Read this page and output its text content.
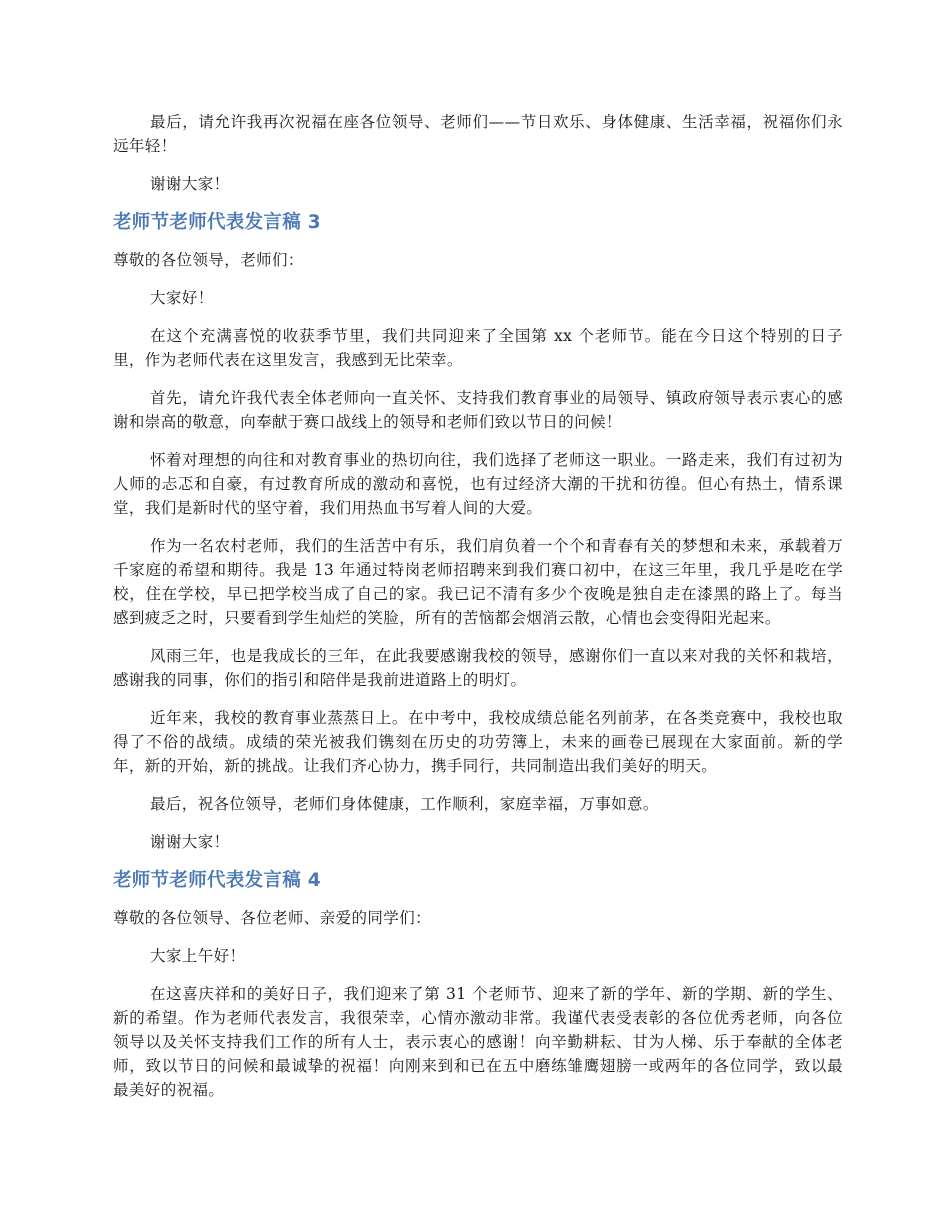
最后，请允许我再次祝福在座各位领导、老师们——节日欢乐、身体健康、生活幸福，祝福你们永远年轻！

谢谢大家！

老师节老师代表发言稿 3

尊敬的各位领导，老师们：

大家好！

在这个充满喜悦的收获季节里，我们共同迎来了全国第 xx 个老师节。能在今日这个特别的日子里，作为老师代表在这里发言，我感到无比荣幸。

首先，请允许我代表全体老师向一直关怀、支持我们教育事业的局领导、镇政府领导表示衷心的感谢和崇高的敬意，向奉献于赛口战线上的领导和老师们致以节日的问候！

怀着对理想的向往和对教育事业的热切向往，我们选择了老师这一职业。一路走来，我们有过初为人师的忐忑和自豪，有过教育所成的激动和喜悦，也有过经济大潮的干扰和彷徨。但心有热土，情系课堂，我们是新时代的坚守着，我们用热血书写着人间的大爱。

作为一名农村老师，我们的生活苦中有乐，我们肩负着一个个和青春有关的梦想和未来，承载着万千家庭的希望和期待。我是 13 年通过特岗老师招聘来到我们赛口初中，在这三年里，我几乎是吃在学校，住在学校，早已把学校当成了自己的家。我已记不清有多少个夜晚是独自走在漆黑的路上了。每当感到疲乏之时，只要看到学生灿烂的笑脸，所有的苦恼都会烟消云散，心情也会变得阳光起来。

风雨三年，也是我成长的三年，在此我要感谢我校的领导，感谢你们一直以来对我的关怀和栽培，感谢我的同事，你们的指引和陪伴是我前进道路上的明灯。

近年来，我校的教育事业蒸蒸日上。在中考中，我校成绩总能名列前茅，在各类竞赛中，我校也取得了不俗的战绩。成绩的荣光被我们镌刻在历史的功劳簿上，未来的画卷已展现在大家面前。新的学年，新的开始，新的挑战。让我们齐心协力，携手同行，共同制造出我们美好的明天。

最后，祝各位领导，老师们身体健康，工作顺利，家庭幸福，万事如意。

谢谢大家！

老师节老师代表发言稿 4

尊敬的各位领导、各位老师、亲爱的同学们：

大家上午好！

在这喜庆祥和的美好日子，我们迎来了第 31 个老师节、迎来了新的学年、新的学期、新的学生、新的希望。作为老师代表发言，我很荣幸，心情亦激动非常。我谨代表受表彰的各位优秀老师，向各位领导以及关怀支持我们工作的所有人士，表示衷心的感谢！向辛勤耕耘、甘为人梯、乐于奉献的全体老师，致以节日的问候和最诚挚的祝福！向刚来到和已在五中磨练雏鹰翅膀一或两年的各位同学，致以最最美好的祝福。
